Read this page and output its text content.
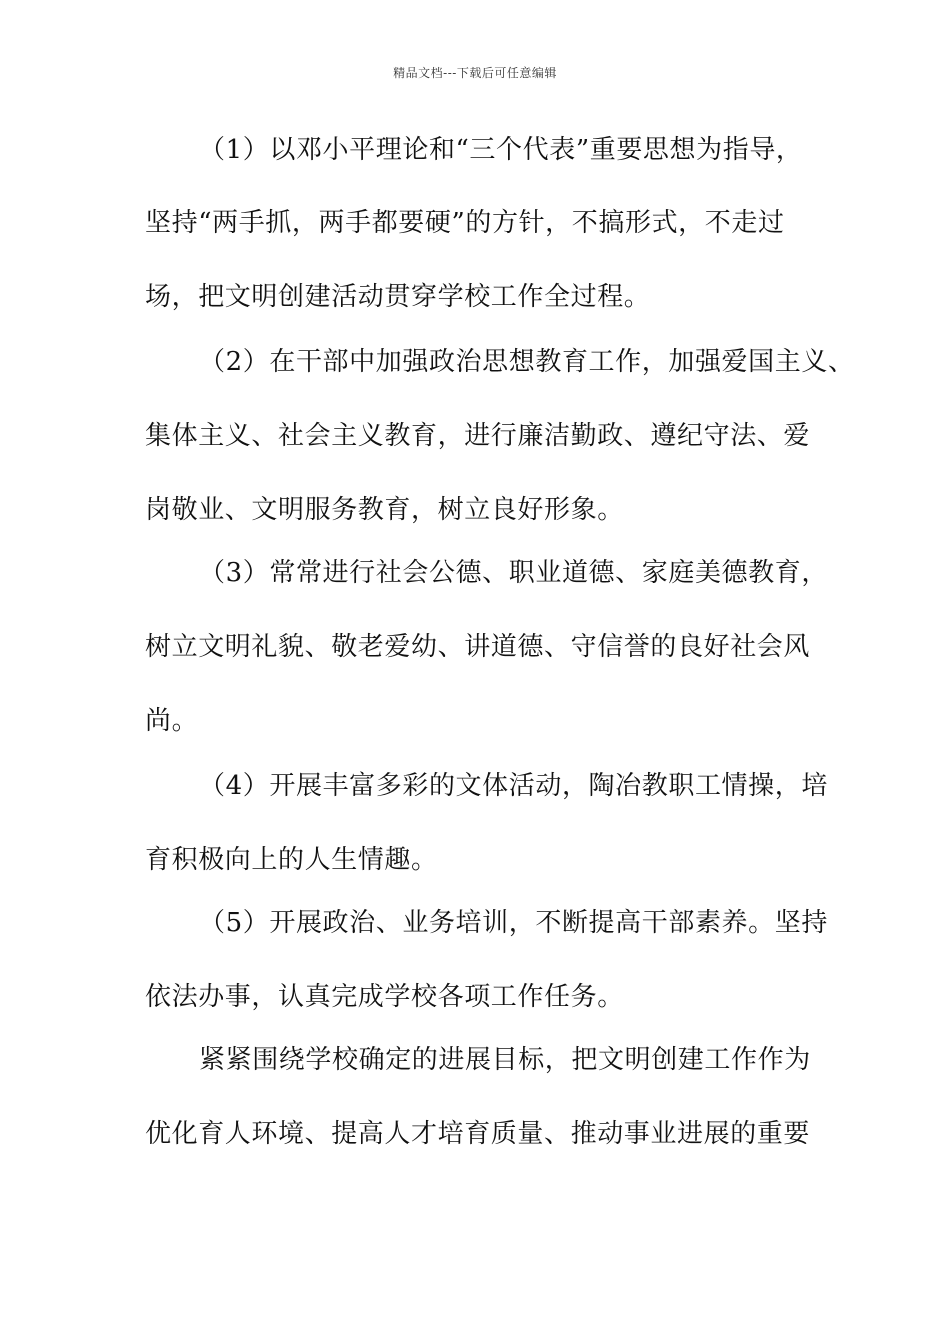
精品文档---下载后可任意编辑
（1）以邓小平理论和“三个代表”重要思想为指导，
坚持“两手抓，两手都要硬”的方针，不搞形式，不走过
场，把文明创建活动贯穿学校工作全过程。
（2）在干部中加强政治思想教育工作，加强爱国主义、
集体主义、社会主义教育，进行廉洁勤政、遵纪守法、爱
岗敬业、文明服务教育，树立良好形象。
（3）常常进行社会公德、职业道德、家庭美德教育，
树立文明礼貌、敬老爱幼、讲道德、守信誉的良好社会风
尚。
（4）开展丰富多彩的文体活动，陶冶教职工情操，培
育积极向上的人生情趣。
（5）开展政治、业务培训，不断提高干部素养。坚持
依法办事，认真完成学校各项工作任务。
紧紧围绕学校确定的进展目标，把文明创建工作作为
优化育人环境、提高人才培育质量、推动事业进展的重要
